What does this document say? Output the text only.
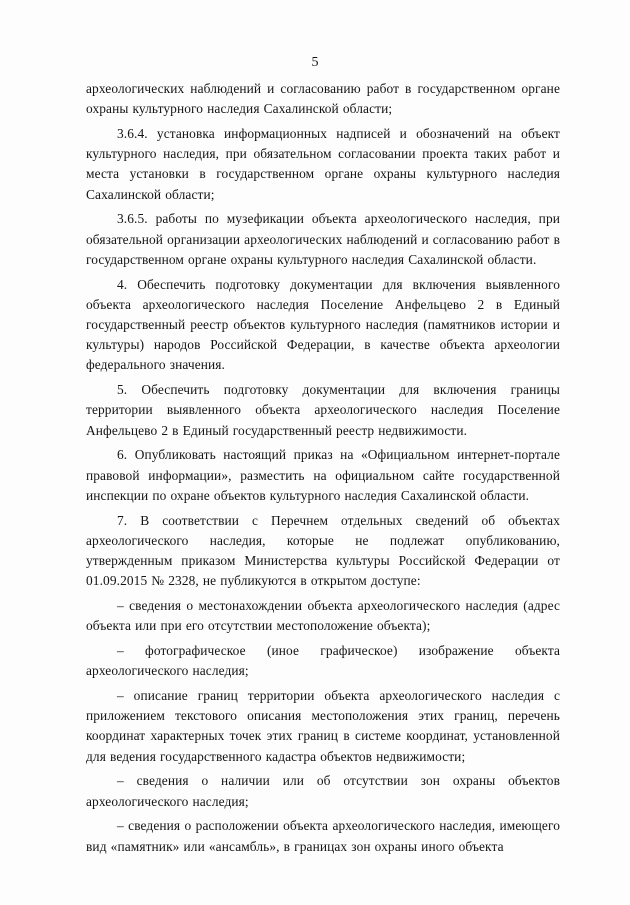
5

археологических наблюдений и согласованию работ в государственном органе охраны культурного наследия Сахалинской области;

3.6.4. установка информационных надписей и обозначений на объект культурного наследия, при обязательном согласовании проекта таких работ и места установки в государственном органе охраны культурного наследия Сахалинской области;

3.6.5. работы по музефикации объекта археологического наследия, при обязательной организации археологических наблюдений и согласованию работ в государственном органе охраны культурного наследия Сахалинской области.

4. Обеспечить подготовку документации для включения выявленного объекта археологического наследия Поселение Анфельцево 2 в Единый государственный реестр объектов культурного наследия (памятников истории и культуры) народов Российской Федерации, в качестве объекта археологии федерального значения.

5. Обеспечить подготовку документации для включения границы территории выявленного объекта археологического наследия Поселение Анфельцево 2 в Единый государственный реестр недвижимости.

6. Опубликовать настоящий приказ на «Официальном интернет-портале правовой информации», разместить на официальном сайте государственной инспекции по охране объектов культурного наследия Сахалинской области.

7. В соответствии с Перечнем отдельных сведений об объектах археологического наследия, которые не подлежат опубликованию, утвержденным приказом Министерства культуры Российской Федерации от 01.09.2015 № 2328, не публикуются в открытом доступе:

– сведения о местонахождении объекта археологического наследия (адрес объекта или при его отсутствии местоположение объекта);

– фотографическое (иное графическое) изображение объекта археологического наследия;

– описание границ территории объекта археологического наследия с приложением текстового описания местоположения этих границ, перечень координат характерных точек этих границ в системе координат, установленной для ведения государственного кадастра объектов недвижимости;

– сведения о наличии или об отсутствии зон охраны объектов археологического наследия;

– сведения о расположении объекта археологического наследия, имеющего вид «памятник» или «ансамбль», в границах зон охраны иного объекта
